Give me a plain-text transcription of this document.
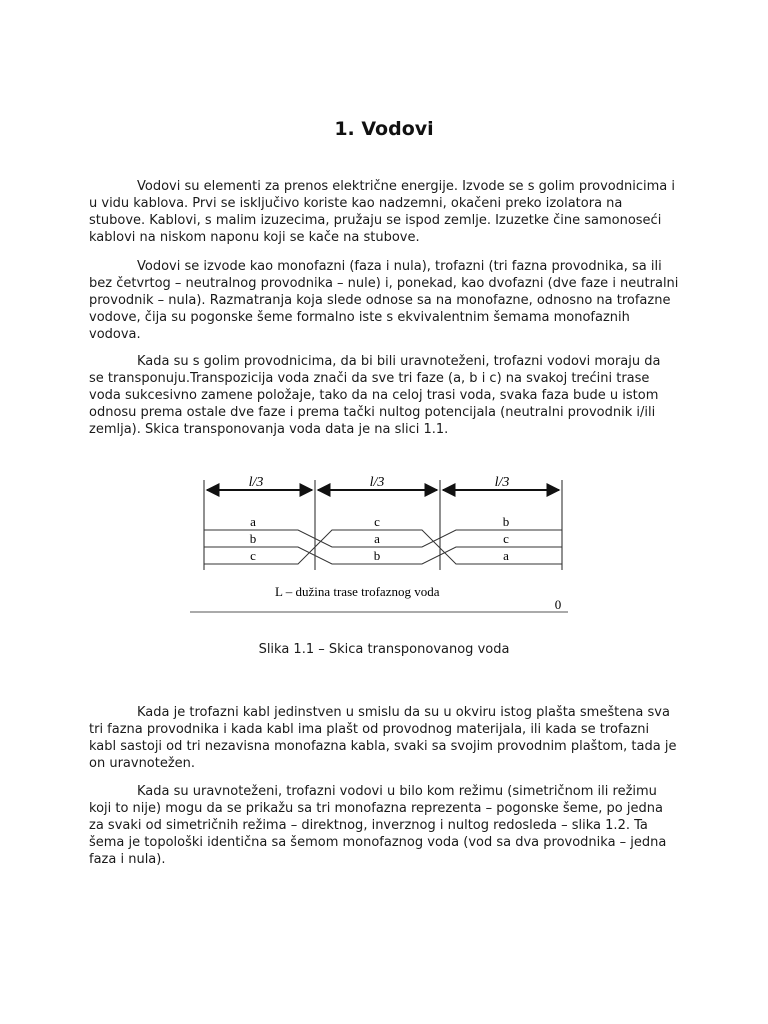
1. Vodovi

Vodovi su elementi za prenos električne energije. Izvode se s golim provodnicima i u vidu kablova. Prvi se isključivo koriste kao nadzemni, okačeni preko izolatora na stubove. Kablovi, s malim izuzecima, pružaju se ispod zemlje. Izuzetke čine samonoseći kablovi na niskom naponu koji se kače na stubove.

Vodovi se izvode kao monofazni (faza i nula), trofazni (tri fazna provodnika, sa ili bez četvrtog – neutralnog provodnika – nule) i, ponekad, kao dvofazni (dve faze i neutralni provodnik – nula). Razmatranja koja slede odnose sa na monofazne, odnosno na trofazne vodove, čija su pogonske šeme formalno iste s ekvivalentnim šemama monofaznih vodova.

Kada su s golim provodnicima, da bi bili uravnoteženi, trofazni vodovi moraju da se transponuju.Transpozicija voda znači da sve tri faze (a, b i c) na svakoj trećini trase voda sukcesivno zamene položaje, tako da na celoj trasi voda, svaka faza bude u istom odnosu prema ostale dve faze i prema tački nultog potencijala (neutralni provodnik i/ili zemlja). Skica transponovanja voda data je na slici 1.1.

l/3	l/3	l/3
a
b
c
c
a
b
b
c
a
L – dužina trase trofaznog voda
0
Slika 1.1 – Skica transponovanog voda

Kada je trofazni kabl jedinstven u smislu da su u okviru istog plašta smeštena sva tri fazna provodnika i kada kabl ima plašt od provodnog materijala, ili kada se trofazni kabl sastoji od tri nezavisna monofazna kabla, svaki sa svojim provodnim plaštom, tada je on uravnotežen.

Kada su uravnoteženi, trofazni vodovi u bilo kom režimu (simetričnom ili režimu koji to nije) mogu da se prikažu sa tri monofazna reprezenta – pogonske šeme, po jedna za svaki od simetričnih režima – direktnog, inverznog i nultog redosleda – slika 1.2. Ta šema je topološki identična sa šemom monofaznog voda (vod sa dva provodnika – jedna faza i nula).
